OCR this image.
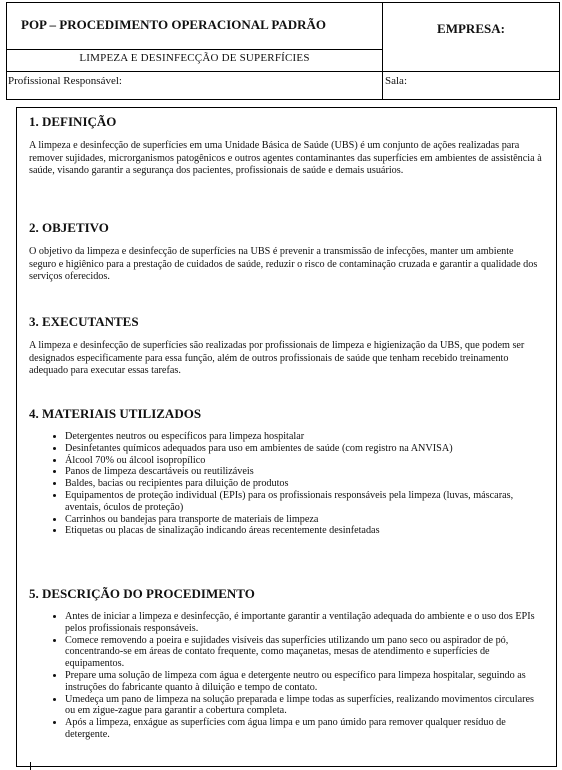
POP – PROCEDIMENTO OPERACIONAL PADRÃO	EMPRESA:
LIMPEZA E DESINFECÇÃO DE SUPERFÍCIES
Profissional Responsável:	Sala:
1. DEFINIÇÃO

A limpeza e desinfecção de superfícies em uma Unidade Básica de Saúde (UBS) é um conjunto de ações realizadas para remover sujidades, microrganismos patogênicos e outros agentes contaminantes das superfícies em ambientes de assistência à saúde, visando garantir a segurança dos pacientes, profissionais de saúde e demais usuários.

2. OBJETIVO

O objetivo da limpeza e desinfecção de superfícies na UBS é prevenir a transmissão de infecções, manter um ambiente seguro e higiênico para a prestação de cuidados de saúde, reduzir o risco de contaminação cruzada e garantir a qualidade dos serviços oferecidos.

3. EXECUTANTES

A limpeza e desinfecção de superfícies são realizadas por profissionais de limpeza e higienização da UBS, que podem ser designados especificamente para essa função, além de outros profissionais de saúde que tenham recebido treinamento adequado para executar essas tarefas.

4. MATERIAIS UTILIZADOS
• Detergentes neutros ou específicos para limpeza hospitalar
• Desinfetantes químicos adequados para uso em ambientes de saúde (com registro na ANVISA)
• Álcool 70% ou álcool isopropílico
• Panos de limpeza descartáveis ou reutilizáveis
• Baldes, bacias ou recipientes para diluição de produtos
• Equipamentos de proteção individual (EPIs) para os profissionais responsáveis pela limpeza (luvas, máscaras, aventais, óculos de proteção)
• Carrinhos ou bandejas para transporte de materiais de limpeza
• Etiquetas ou placas de sinalização indicando áreas recentemente desinfetadas
5. DESCRIÇÃO DO PROCEDIMENTO
• Antes de iniciar a limpeza e desinfecção, é importante garantir a ventilação adequada do ambiente e o uso dos EPIs pelos profissionais responsáveis.
• Comece removendo a poeira e sujidades visíveis das superfícies utilizando um pano seco ou aspirador de pó, concentrando-se em áreas de contato frequente, como maçanetas, mesas de atendimento e superfícies de equipamentos.
• Prepare uma solução de limpeza com água e detergente neutro ou específico para limpeza hospitalar, seguindo as instruções do fabricante quanto à diluição e tempo de contato.
• Umedeça um pano de limpeza na solução preparada e limpe todas as superfícies, realizando movimentos circulares ou em zigue-zague para garantir a cobertura completa.
• Após a limpeza, enxágue as superfícies com água limpa e um pano úmido para remover qualquer resíduo de detergente.
